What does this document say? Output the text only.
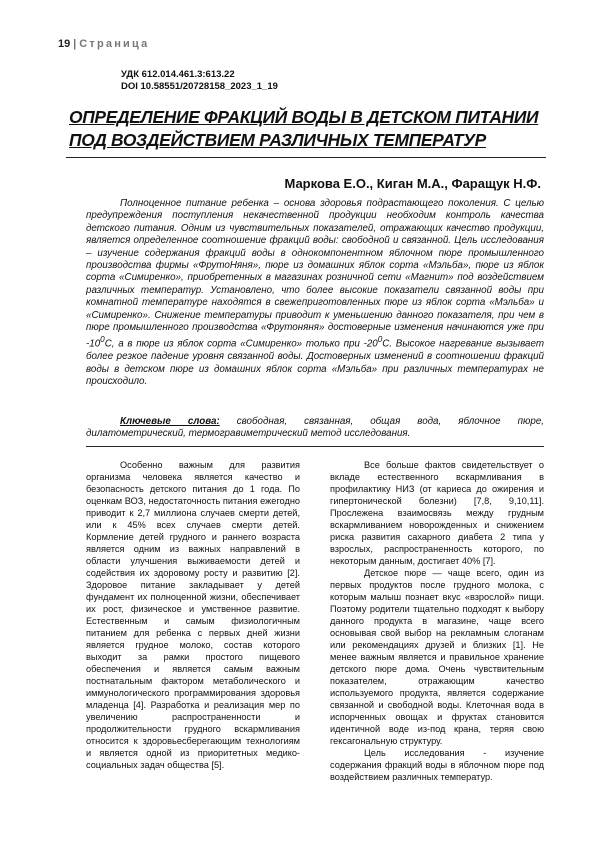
19 | Страница
УДК 612.014.461.3:613.22
DOI 10.58551/20728158_2023_1_19
ОПРЕДЕЛЕНИЕ ФРАКЦИЙ ВОДЫ В ДЕТСКОМ ПИТАНИИ ПОД ВОЗДЕЙСТВИЕМ РАЗЛИЧНЫХ ТЕМПЕРАТУР
Маркова Е.О., Киган М.А., Фаращук Н.Ф.

Полноценное питание ребенка – основа здоровья подрастающего поколения. С целью предупреждения поступления некачественной продукции необходим контроль качества детского питания. Одним из чувствительных показателей, отражающих качество продукции, является определенное соотношение фракций воды: свободной и связанной. Цель исследования – изучение содержания фракций воды в однокомпонентном яблочном пюре промышленного производства фирмы «ФрутоНяня», пюре из домашних яблок сорта «Мэльба», пюре из яблок сорта «Симиренко», приобретенных в магазинах розничной сети «Магнит» под воздействием различных температур. Установлено, что более высокие показатели связанной воды при комнатной температуре находятся в свежеприготовленных пюре из яблок сорта «Мэльба» и «Симиренко». Снижение температуры приводит к уменьшению данного показателя, при чем в пюре промышленного производства «Фрутоняня» достоверные изменения начинаются уже при $-10^0С$, а в пюре из яблок сорта «Симиренко» только при $-20^0С$. Высокое нагревание вызывает более резкое падение уровня связанной воды. Достоверных изменений в соотношении фракций воды в детском пюре из домашних яблок сорта «Мэльба» при различных температурах не происходило.

Ключевые слова: свободная, связанная, общая вода, яблочное пюре, дилатометрический, термогравиметрический метод исследования.

Особенно важным для развития организма человека является качество и безопасность детского питания до 1 года. По оценкам ВОЗ, недостаточность питания ежегодно приводит к 2,7 миллиона случаев смерти детей, или к 45% всех случаев смерти детей. Кормление детей грудного и раннего возраста является одним из важных направлений в области улучшения выживаемости детей и содействия их здоровому росту и развитию [2]. Здоровое питание закладывает у детей фундамент их полноценной жизни, обеспечивает их рост, физическое и умственное развитие. Естественным и самым физиологичным питанием для ребенка с первых дней жизни является грудное молоко, состав которого выходит за рамки простого пищевого обеспечения и является самым важным постнатальным фактором метаболического и иммунологического программирования здоровья младенца [4]. Разработка и реализация мер по увеличению распространенности и продолжительности грудного вскармливания относится к здоровьесберегающим технологиям и является одной из приоритетных медико-социальных задач общества [5].

Все больше фактов свидетельствует о вкладе естественного вскармливания в профилактику НИЗ (от кариеса до ожирения и гипертонической болезни) [7,8, 9,10,11]. Прослежена взаимосвязь между грудным вскармливанием новорожденных и снижением риска развития сахарного диабета 2 типа у взрослых, распространенность которого, по некоторым данным, достигает 40% [7].

Детское пюре — чаще всего, один из первых продуктов после грудного молока, с которым малыш познает вкус «взрослой» пищи. Поэтому родители тщательно подходят к выбору данного продукта в магазине, чаще всего основывая свой выбор на рекламным слоганам или рекомендациях друзей и близких [1]. Не менее важным является и правильное хранение детского пюре дома. Очень чувствительным показателем, отражающим качество используемого продукта, является содержание связанной и свободной воды. Клеточная вода в испорченных овощах и фруктах становится идентичной воде из-под крана, теряя свою гексагональную структуру.

Цель исследования - изучение содержания фракций воды в яблочном пюре под воздействием различных температур.
